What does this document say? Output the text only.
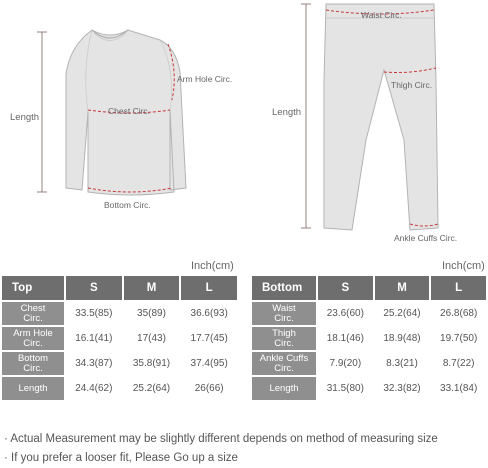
Length
Arm Hole Circ.
Chest Circ.
Bottom Circ.
Waist Circ.
Thigh Circ.
Length
Ankle Cuffs Circ.
Inch(cm)
Top	S	M	L
Chest
Circ.	33.5(85)	35(89)	36.6(93)
Arm Hole
Circ.	16.1(41)	17(43)	17.7(45)
Bottom
Circ.	34.3(87)	35.8(91)	37.4(95)
Length	24.4(62)	25.2(64)	26(66)
Inch(cm)
Bottom	S	M	L
Waist
Circ.	23.6(60)	25.2(64)	26.8(68)
Thigh
Circ.	18.1(46)	18.9(48)	19.7(50)
Ankle Cuffs
Circ.	7.9(20)	8.3(21)	8.7(22)
Length	31.5(80)	32.3(82)	33.1(84)
· Actual Measurement may be slightly different depends on method of measuring size
· If you prefer a looser fit, Please Go up a size
